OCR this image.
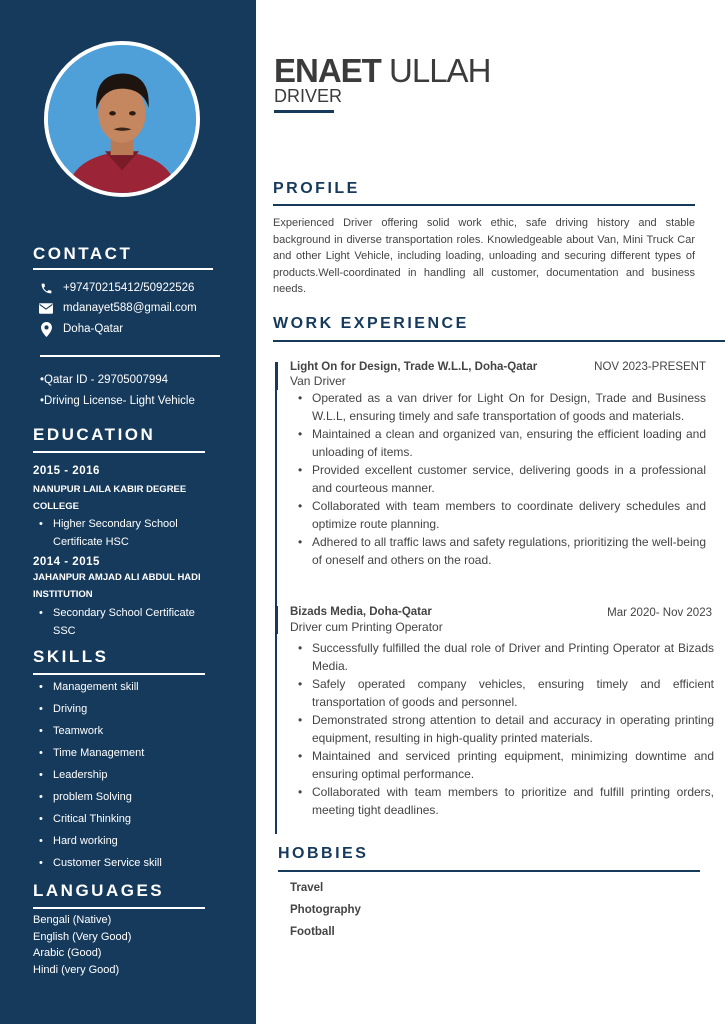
CONTACT
+97470215412/50922526
mdanayet588@gmail.com
Doha-Qatar
•Qatar ID - 29705007994
•Driving License- Light Vehicle
EDUCATION
2015 - 2016
NANUPUR LAILA KABIR DEGREE COLLEGE
• Higher Secondary School Certificate HSC
2014 - 2015
JAHANPUR AMJAD ALI ABDUL HADI INSTITUTION
• Secondary School Certificate SSC
SKILLS
• Management skill
• Driving
• Teamwork
• Time Management
• Leadership
• problem Solving
• Critical Thinking
• Hard working
• Customer Service skill
LANGUAGES
Bengali (Native)
English (Very Good)
Arabic (Good)
Hindi (very Good)
ENAET ULLAH
DRIVER
PROFILE
Experienced Driver offering solid work ethic, safe driving history and stable background in diverse transportation roles. Knowledgeable about Van, Mini Truck Car and other Light Vehicle, including loading, unloading and securing different types of products.Well-coordinated in handling all customer, documentation and business needs.
WORK EXPERIENCE
Light On for Design, Trade W.L.L, Doha-Qatar	NOV 2023-PRESENT
Van Driver
• Operated as a van driver for Light On for Design, Trade and Business W.L.L, ensuring timely and safe transportation of goods and materials.
• Maintained a clean and organized van, ensuring the efficient loading and unloading of items.
• Provided excellent customer service, delivering goods in a professional and courteous manner.
• Collaborated with team members to coordinate delivery schedules and optimize route planning.
• Adhered to all traffic laws and safety regulations, prioritizing the well-being of oneself and others on the road.
Bizads Media, Doha-Qatar	Mar 2020- Nov 2023
Driver cum Printing Operator
• Successfully fulfilled the dual role of Driver and Printing Operator at Bizads Media.
• Safely operated company vehicles, ensuring timely and efficient transportation of goods and personnel.
• Demonstrated strong attention to detail and accuracy in operating printing equipment, resulting in high-quality printed materials.
• Maintained and serviced printing equipment, minimizing downtime and ensuring optimal performance.
• Collaborated with team members to prioritize and fulfill printing orders, meeting tight deadlines.
HOBBIES
Travel
Photography
Football
